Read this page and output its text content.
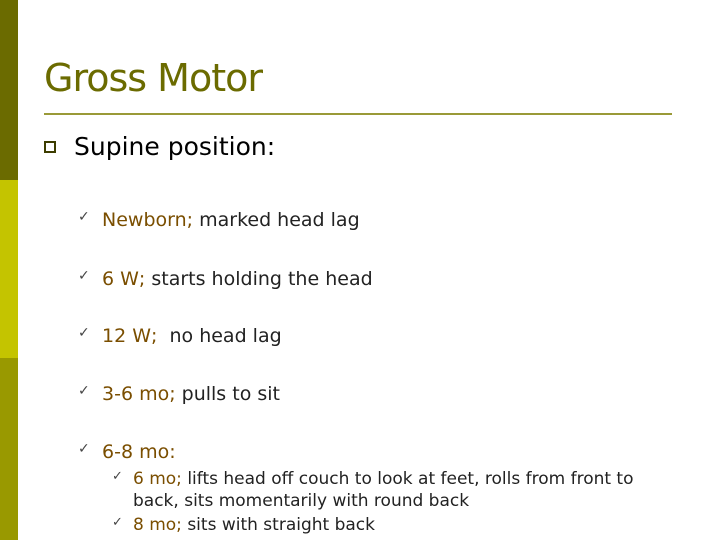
Gross Motor
Supine position:
✓ Newborn; marked head lag
✓ 6 W; starts holding the head
✓ 12 W;  no head lag
✓ 3-6 mo; pulls to sit
✓ 6-8 mo:
✓ 6 mo; lifts head off couch to look at feet, rolls from front to
back, sits momentarily with round back
✓ 8 mo; sits with straight back
